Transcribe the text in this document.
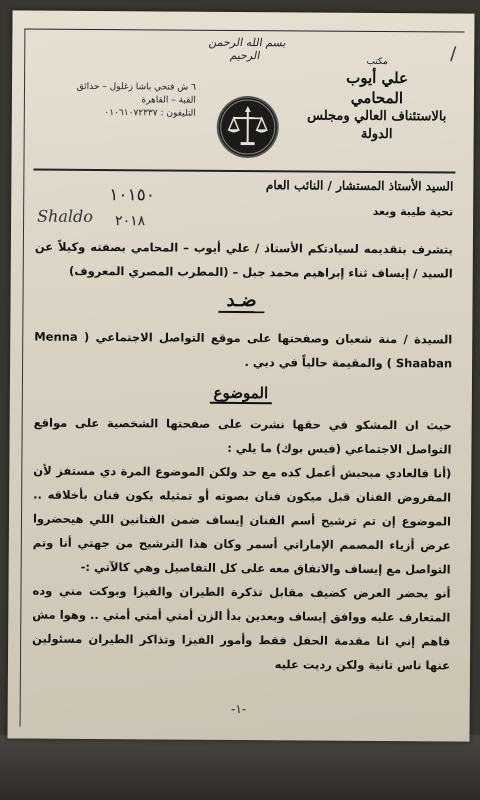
بسم الله الرحمن الرحيم	/
مكتب
علي أيوب
المحامي
بالاستئناف العالي ومجلس الدولة
٦ ش فتحي باشا زغلول – حدائق
القبة – القاهرة
التليفون : ٠١٠٦١٠٧٢٣٣٧
السيد الأستاذ المستشار / النائب العام
١٠١٥٠
تحية طيبة وبعد
Shaldo ٢٠١٨
يتشرف بتقديمه لسيادتكم الأستاذ / علي أيوب – المحامي بصفته وكيلاً عن السيد / إيساف ثناء إبراهيم محمد جبل – (المطرب المصري المعروف)
ضـد
السيدة / منة شعبان وصفحتها على موقع التواصل الاجتماعي ( Menna Shaaban ) والمقيمة حالياً في دبي .
الموضوع
حيث ان المشكو في حقها نشرت على صفحتها الشخصية على مواقع التواصل الاجتماعي (فيس بوك) ما يلي :
(أنا فالعادي مبحبش أعمل كده مع حد ولكن الموضوع المرة دي مستفز لأن المفروض الفنان قبل ميكون فنان بصوته أو تمثيله يكون فنان بأخلاقه .. الموضوع إن تم ترشيح أسم الفنان إيساف ضمن الفنانين اللي هيحضروا عرض أزياء المصمم الإماراتي أسمر وكان هذا الترشيح من جهتي أنا وتم التواصل مع إيساف والاتفاق معه على كل التفاصيل وهي كالآتي :-
أنو يحضر العرض كضيف مقابل تذكرة الطيران والفيزا وبوكت مني وده المتعارف عليه ووافق إيساف وبعدين بدأ الزن أمتي أمتي أمتي .. وهوا مش فاهم إني انا مقدمة الحفل فقط وأمور الفيزا وتذاكر الطيران مسئولين عنها ناس تانية ولكن رديت عليه
-١-
